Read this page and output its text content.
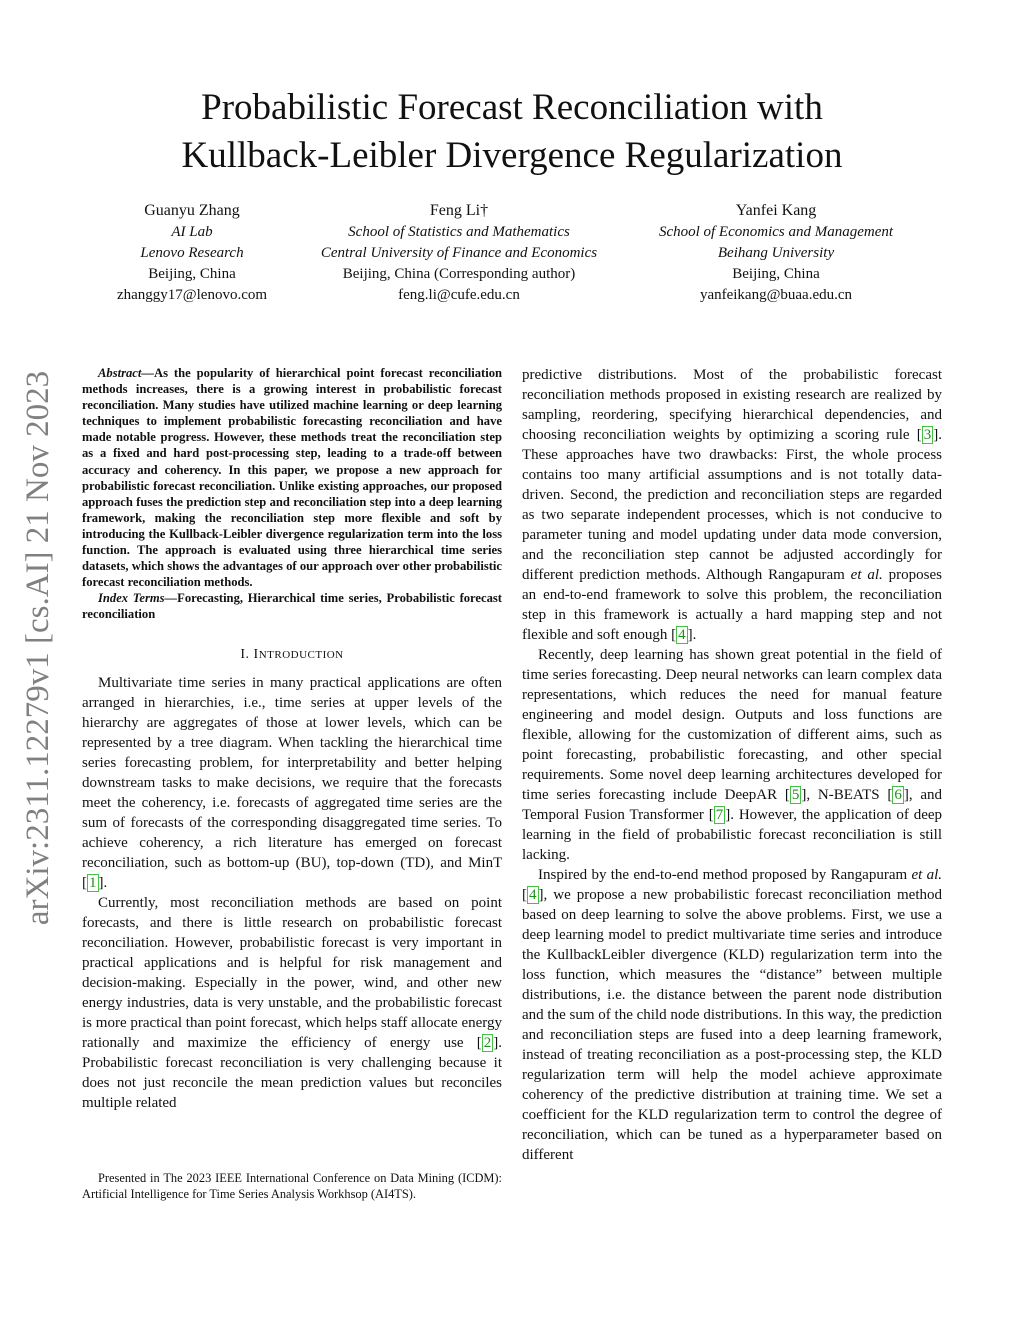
Probabilistic Forecast Reconciliation with
Kullback-Leibler Divergence Regularization
Guanyu Zhang
AI Lab
Lenovo Research
Beijing, China
zhanggy17@lenovo.com
Feng Li†
School of Statistics and Mathematics
Central University of Finance and Economics
Beijing, China (Corresponding author)
feng.li@cufe.edu.cn
Yanfei Kang
School of Economics and Management
Beihang University
Beijing, China
yanfeikang@buaa.edu.cn
arXiv:2311.12279v1 [cs.AI] 21 Nov 2023	Abstract—As the popularity of hierarchical point forecast reconciliation methods increases, there is a growing interest in probabilistic forecast reconciliation. Many studies have utilized machine learning or deep learning techniques to implement probabilistic forecasting reconciliation and have made notable progress. However, these methods treat the reconciliation step as a fixed and hard post-processing step, leading to a trade-off between accuracy and coherency. In this paper, we propose a new approach for probabilistic forecast reconciliation. Unlike existing approaches, our proposed approach fuses the prediction step and reconciliation step into a deep learning framework, making the reconciliation step more flexible and soft by introducing the Kullback-Leibler divergence regularization term into the loss function. The approach is evaluated using three hierarchical time series datasets, which shows the advantages of our approach over other probabilistic forecast reconciliation methods.

Index Terms—Forecasting, Hierarchical time series, Probabilistic forecast reconciliation

I. INTRODUCTION

Multivariate time series in many practical applications are often arranged in hierarchies, i.e., time series at upper levels of the hierarchy are aggregates of those at lower levels, which can be represented by a tree diagram. When tackling the hierarchical time series forecasting problem, for interpretability and better helping downstream tasks to make decisions, we require that the forecasts meet the coherency, i.e. forecasts of aggregated time series are the sum of forecasts of the corresponding disaggregated time series. To achieve coherency, a rich literature has emerged on forecast reconciliation, such as bottom-up (BU), top-down (TD), and MinT [ 1 ].

Currently, most reconciliation methods are based on point forecasts, and there is little research on probabilistic forecast reconciliation. However, probabilistic forecast is very important in practical applications and is helpful for risk management and decision-making. Especially in the power, wind, and other new energy industries, data is very unstable, and the probabilistic forecast is more practical than point forecast, which helps staff allocate energy rationally and maximize the efficiency of energy use [ 2 ]. Probabilistic forecast reconciliation is very challenging because it does not just reconcile the mean prediction values but reconciles multiple related

predictive distributions. Most of the probabilistic forecast reconciliation methods proposed in existing research are realized by sampling, reordering, specifying hierarchical dependencies, and choosing reconciliation weights by optimizing a scoring rule [ 3 ]. These approaches have two drawbacks: First, the whole process contains too many artificial assumptions and is not totally data-driven. Second, the prediction and reconciliation steps are regarded as two separate independent processes, which is not conducive to parameter tuning and model updating under data mode conversion, and the reconciliation step cannot be adjusted accordingly for different prediction methods. Although Rangapuram et al. proposes an end-to-end framework to solve this problem, the reconciliation step in this framework is actually a hard mapping step and not flexible and soft enough [ 4 ].

Recently, deep learning has shown great potential in the field of time series forecasting. Deep neural networks can learn complex data representations, which reduces the need for manual feature engineering and model design. Outputs and loss functions are flexible, allowing for the customization of different aims, such as point forecasting, probabilistic forecasting, and other special requirements. Some novel deep learning architectures developed for time series forecasting include DeepAR [ 5 ], N-BEATS [ 6 ], and Temporal Fusion Transformer [ 7 ]. However, the application of deep learning in the field of probabilistic forecast reconciliation is still lacking.

Inspired by the end-to-end method proposed by Rangapuram et al. [ 4 ], we propose a new probabilistic forecast reconciliation method based on deep learning to solve the above problems. First, we use a deep learning model to predict multivariate time series and introduce the KullbackLeibler divergence (KLD) regularization term into the loss function, which measures the “distance” between multiple distributions, i.e. the distance between the parent node distribution and the sum of the child node distributions. In this way, the prediction and reconciliation steps are fused into a deep learning framework, instead of treating reconciliation as a post-processing step, the KLD regularization term will help the model achieve approximate coherency of the predictive distribution at training time. We set a coefficient for the KLD regularization term to control the degree of reconciliation, which can be tuned as a hyperparameter based on different

Presented in The 2023 IEEE International Conference on Data Mining (ICDM): Artificial Intelligence for Time Series Analysis Workhsop (AI4TS).
